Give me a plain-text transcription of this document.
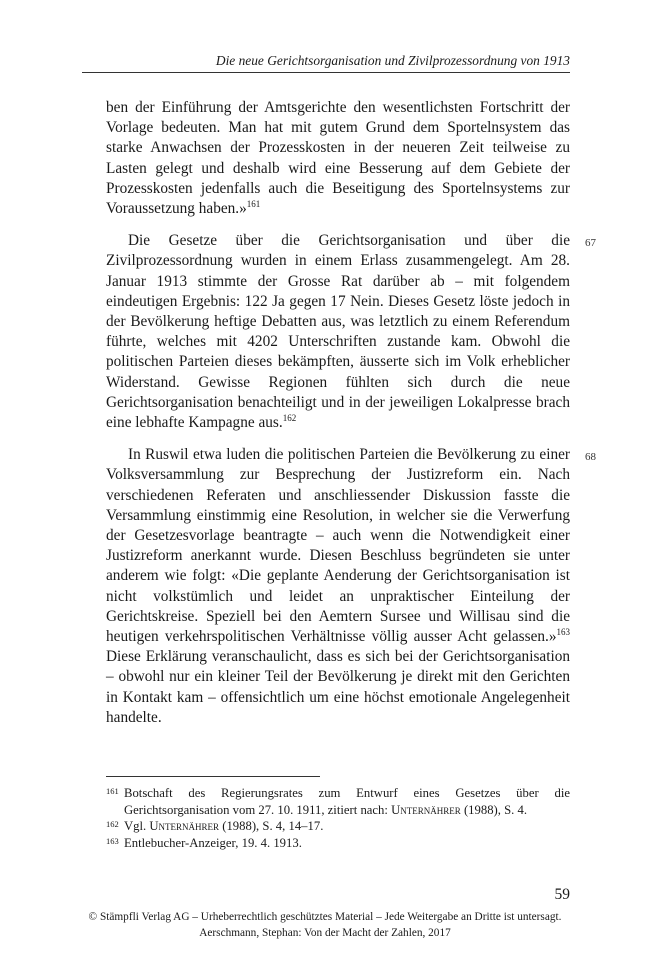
Die neue Gerichtsorganisation und Zivilprozessordnung von 1913

ben der Einführung der Amtsgerichte den wesentlichsten Fortschritt der Vorlage bedeuten. Man hat mit gutem Grund dem Sportelnsystem das starke Anwachsen der Prozesskosten in der neueren Zeit teilweise zu Lasten gelegt und deshalb wird eine Besserung auf dem Gebiete der Prozesskosten jedenfalls auch die Beseitigung des Sportelnsystems zur Voraussetzung haben.»$^{161}$

67
Die Gesetze über die Gerichtsorganisation und über die Zivilprozessordnung wurden in einem Erlass zusammengelegt. Am 28. Januar 1913 stimmte der Grosse Rat darüber ab – mit folgendem eindeutigen Ergebnis: 122 Ja gegen 17 Nein. Dieses Gesetz löste jedoch in der Bevölkerung heftige Debatten aus, was letztlich zu einem Referendum führte, welches mit 4202 Unterschriften zustande kam. Obwohl die politischen Parteien dieses bekämpften, äusserte sich im Volk erheblicher Widerstand. Gewisse Regionen fühlten sich durch die neue Gerichtsorganisation benachteiligt und in der jeweiligen Lokalpresse brach eine lebhafte Kampagne aus.$^{162}$

68
In Ruswil etwa luden die politischen Parteien die Bevölkerung zu einer Volksversammlung zur Besprechung der Justizreform ein. Nach verschiedenen Referaten und anschliessender Diskussion fasste die Versammlung einstimmig eine Resolution, in welcher sie die Verwerfung der Gesetzesvorlage beantragte – auch wenn die Notwendigkeit einer Justizreform anerkannt wurde. Diesen Beschluss begründeten sie unter anderem wie folgt: «Die geplante Aenderung der Gerichtsorganisation ist nicht volkstümlich und leidet an unpraktischer Einteilung der Gerichtskreise. Speziell bei den Aemtern Sursee und Willisau sind die heutigen verkehrspolitischen Verhältnisse völlig ausser Acht gelassen.»$^{163}$ Diese Erklärung veranschaulicht, dass es sich bei der Gerichtsorganisation – obwohl nur ein kleiner Teil der Bevölkerung je direkt mit den Gerichten in Kontakt kam – offensichtlich um eine höchst emotionale Angelegenheit handelte.

161 Botschaft des Regierungsrates zum Entwurf eines Gesetzes über die Gerichtsorganisation vom 27. 10. 1911, zitiert nach: Unternährer (1988), S. 4.
162 Vgl. Unternährer (1988), S. 4, 14–17.
163 Entlebucher-Anzeiger, 19. 4. 1913.
59
© Stämpfli Verlag AG – Urheberrechtlich geschütztes Material – Jede Weitergabe an Dritte ist untersagt.
Aerschmann, Stephan: Von der Macht der Zahlen, 2017
